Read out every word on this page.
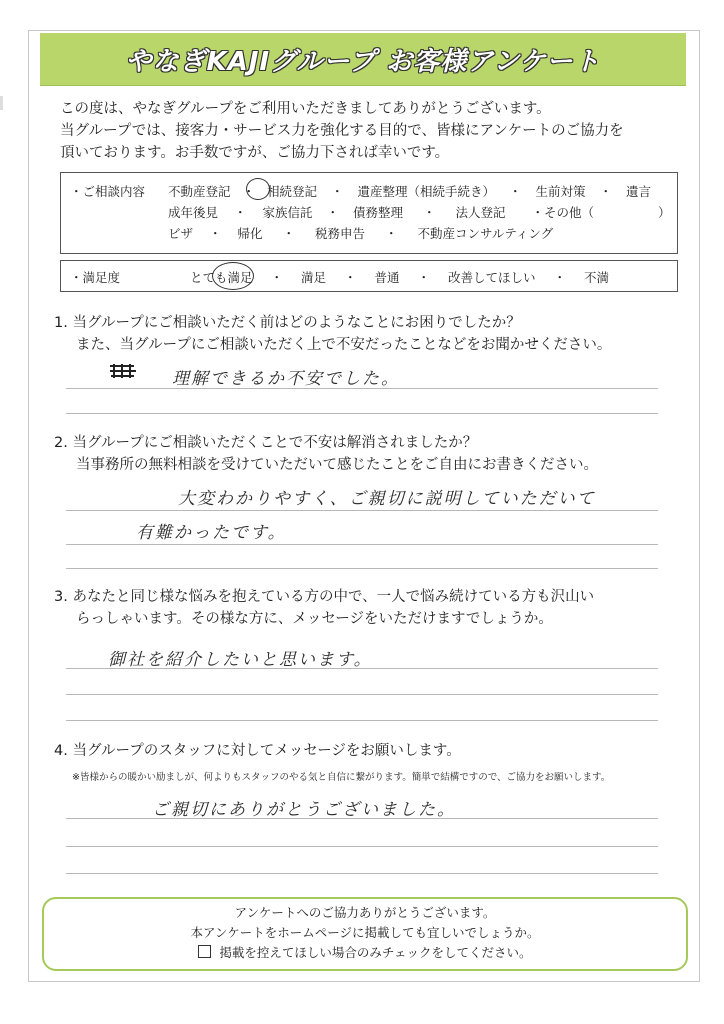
やなぎKAJIグループ お客様アンケート
この度は、やなぎグループをご利用いただきましてありがとうございます。
当グループでは、接客力・サービス力を強化する目的で、皆様にアンケートのご協力を
頂いております。お手数ですが、ご協力下されば幸いです。
・ご相談内容 不動産登記 ・ 相続登記 ・ 遺産整理（相続手続き） ・ 生前対策 ・ 遺言
成年後見 ・ 家族信託 ・ 債務整理 ・ 法人登記 ・その他（	）
ビザ ・ 帰化 ・ 税務申告 ・ 不動産コンサルティング
・満足度	とても満足 ・ 満足 ・ 普通 ・ 改善してほしい ・ 不満
1. 当グループにご相談いただく前はどのようなことにお困りでしたか？
また、当グループにご相談いただく上で不安だったことなどをお聞かせください。
理解できるか不安でした。
2. 当グループにご相談いただくことで不安は解消されましたか？
当事務所の無料相談を受けていただいて感じたことをご自由にお書きください。
大変わかりやすく、ご親切に説明していただいて
有難かったです。
3. あなたと同じ様な悩みを抱えている方の中で、一人で悩み続けている方も沢山い
らっしゃいます。その様な方に、メッセージをいただけますでしょうか。
御社を紹介したいと思います。
4. 当グループのスタッフに対してメッセージをお願いします。
※皆様からの暖かい励ましが、何よりもスタッフのやる気と自信に繋がります。簡単で結構ですので、ご協力をお願いします。
ご親切にありがとうございました。
アンケートへのご協力ありがとうございます。
本アンケートをホームページに掲載しても宜しいでしょうか。
掲載を控えてほしい場合のみチェックをしてください。
